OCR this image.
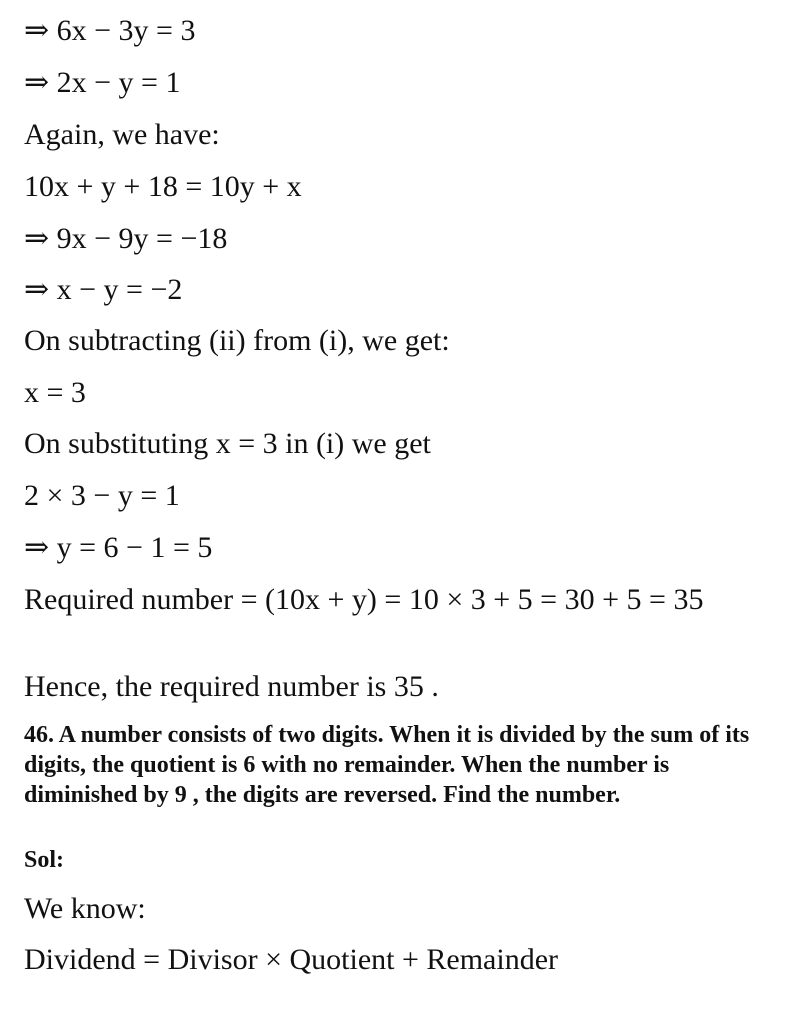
⇒ 6x − 3y = 3
⇒ 2x − y = 1
Again, we have:
10x + y + 18 = 10y + x
⇒ 9x − 9y = −18
⇒ x − y = −2
On subtracting (ii) from (i), we get:
x = 3
On substituting x = 3 in (i) we get
2 × 3 − y = 1
⇒ y = 6 − 1 = 5
Required number = (10x + y) = 10 × 3 + 5 = 30 + 5 = 35
Hence, the required number is 35 .
46. A number consists of two digits. When it is divided by the sum of its digits, the quotient is 6 with no remainder. When the number is diminished by 9 , the digits are reversed. Find the number.
Sol:
We know:
Dividend = Divisor × Quotient + Remainder
